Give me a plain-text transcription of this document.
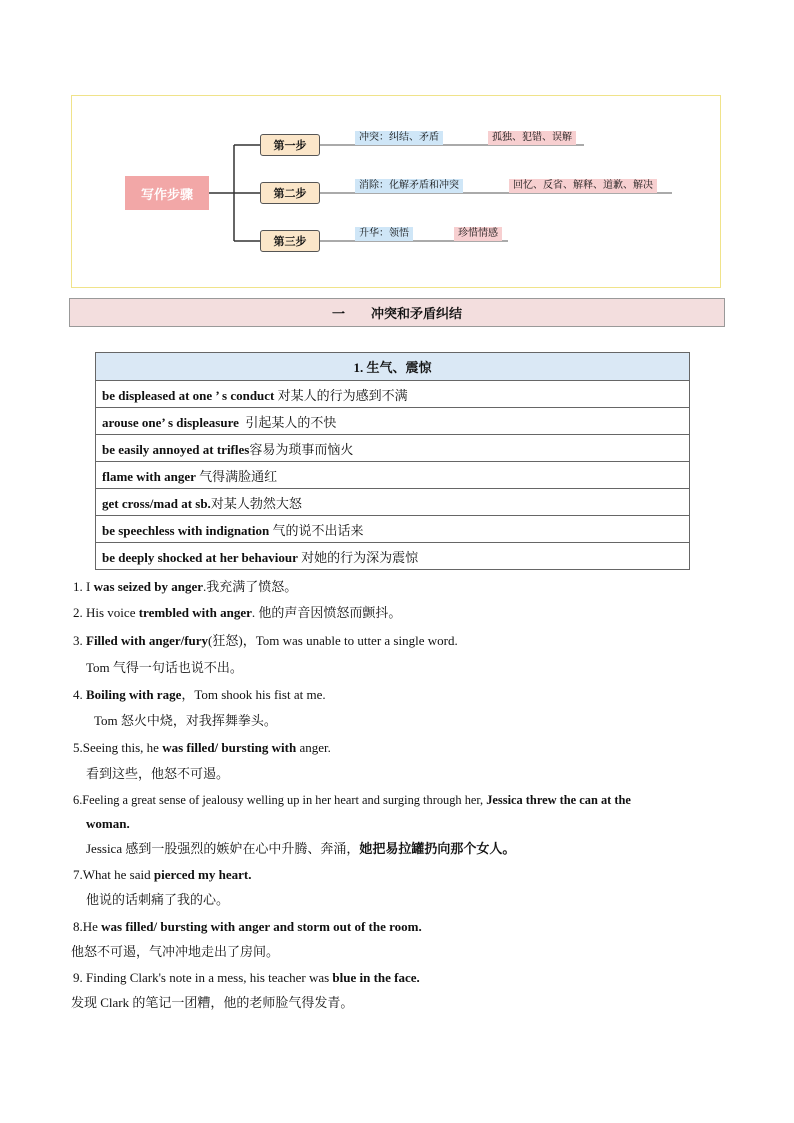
写作步骤
第一步
冲突：纠结、矛盾	孤独、犯错、误解
第二步
消除：化解矛盾和冲突	回忆、反省、解释、道歉、解决
第三步
升华：领悟	珍惜情感
一 冲突和矛盾纠结
1. 生气、震惊
be displeased at one ’ s conduct 对某人的行为感到不满
arouse one’ s displeasure  引起某人的不快
be easily annoyed at trifles容易为琐事而恼火
flame with anger 气得满脸通红
get cross/mad at sb.对某人勃然大怒
be speechless with indignation 气的说不出话来
be deeply shocked at her behaviour 对她的行为深为震惊
1. I was seized by anger.我充满了愤怒。
2. His voice trembled with anger. 他的声音因愤怒而颤抖。
3. Filled with anger/fury(狂怒)，Tom was unable to utter a single word.
Tom 气得一句话也说不出。
4. Boiling with rage，Tom shook his fist at me.
Tom 怒火中烧，对我挥舞拳头。
5.Seeing this, he was filled/ bursting with anger.
看到这些，他怒不可遏。
6.Feeling a great sense of jealousy welling up in her heart and surging through her, Jessica threw the can at the
woman.
Jessica 感到一股强烈的嫉妒在心中升腾、奔涌，她把易拉罐扔向那个女人。
7.What he said pierced my heart.
他说的话刺痛了我的心。
8.He was filled/ bursting with anger and storm out of the room.
他怒不可遏，气冲冲地走出了房间。
9. Finding Clark's note in a mess, his teacher was blue in the face.
发现 Clark 的笔记一团糟，他的老师脸气得发青。
